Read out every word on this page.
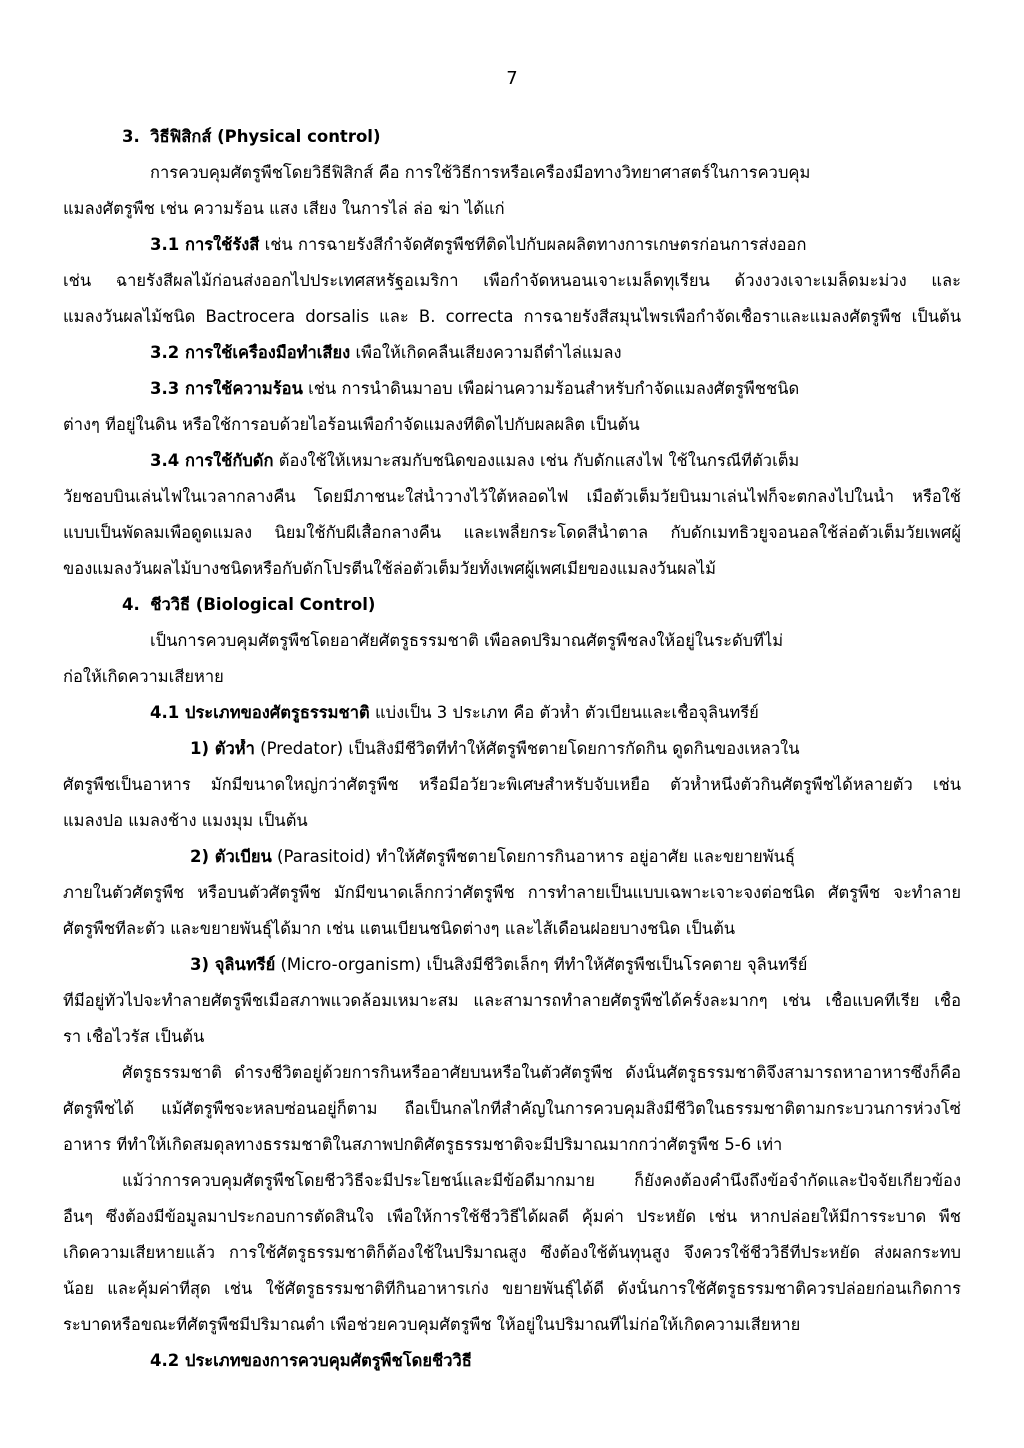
7
3. วิธีฟิสิกส์ (Physical control)
การควบคุมศัตรูพืชโดยวิธีฟิสิกส์ คือ การใช้วิธีการหรือเครื่องมือทางวิทยาศาสตร์ในการควบคุม
แมลงศัตรูพืช เช่น ความร้อน แสง เสียง ในการไล่ ล่อ ฆ่า ได้แก่
3.1 การใช้รังสี เช่น การฉายรังสีกำจัดศัตรูพืชที่ติดไปกับผลผลิตทางการเกษตรก่อนการส่งออก
เช่น ฉายรังสีผลไม้ก่อนส่งออกไปประเทศสหรัฐอเมริกา เพื่อกำจัดหนอนเจาะเมล็ดทุเรียน ด้วงงวงเจาะเมล็ดมะม่วง และ
แมลงวันผลไม้ชนิด Bactrocera dorsalis และ B. correcta การฉายรังสีสมุนไพรเพื่อกำจัดเชื้อราและแมลงศัตรูพืช เป็นต้น
3.2 การใช้เครื่องมือทำเสียง เพื่อให้เกิดคลื่นเสียงความถี่ต่ำไล่แมลง
3.3 การใช้ความร้อน เช่น การนำดินมาอบ เพื่อผ่านความร้อนสำหรับกำจัดแมลงศัตรูพืชชนิด
ต่างๆ ที่อยู่ในดิน หรือใช้การอบด้วยไอร้อนเพื่อกำจัดแมลงที่ติดไปกับผลผลิต เป็นต้น
3.4 การใช้กับดัก ต้องใช้ให้เหมาะสมกับชนิดของแมลง เช่น กับดักแสงไฟ ใช้ในกรณีที่ตัวเต็ม
วัยชอบบินเล่นไฟในเวลากลางคืน โดยมีภาชนะใส่น้ำวางไว้ใต้หลอดไฟ เมื่อตัวเต็มวัยบินมาเล่นไฟก็จะตกลงไปในน้ำ หรือใช้
แบบเป็นพัดลมเพื่อดูดแมลง นิยมใช้กับผีเสื้อกลางคืน และเพลี้ยกระโดดสีน้ำตาล กับดักเมทธิวยูจอนอลใช้ล่อตัวเต็มวัยเพศผู้
ของแมลงวันผลไม้บางชนิดหรือกับดักโปรตีนใช้ล่อตัวเต็มวัยทั้งเพศผู้เพศเมียของแมลงวันผลไม้
4. ชีววิธี (Biological Control)
เป็นการควบคุมศัตรูพืชโดยอาศัยศัตรูธรรมชาติ เพื่อลดปริมาณศัตรูพืชลงให้อยู่ในระดับที่ไม่
ก่อให้เกิดความเสียหาย
4.1 ประเภทของศัตรูธรรมชาติ แบ่งเป็น 3 ประเภท คือ ตัวห้ำ ตัวเบียนและเชื้อจุลินทรีย์
1) ตัวห้ำ (Predator) เป็นสิ่งมีชีวิตที่ทำให้ศัตรูพืชตายโดยการกัดกิน ดูดกินของเหลวใน
ศัตรูพืชเป็นอาหาร มักมีขนาดใหญ่กว่าศัตรูพืช หรือมีอวัยวะพิเศษสำหรับจับเหยื่อ ตัวห้ำหนึ่งตัวกินศัตรูพืชได้หลายตัว เช่น
แมลงปอ แมลงช้าง แมงมุม เป็นต้น
2) ตัวเบียน (Parasitoid) ทำให้ศัตรูพืชตายโดยการกินอาหาร อยู่อาศัย และขยายพันธุ์
ภายในตัวศัตรูพืช หรือบนตัวศัตรูพืช มักมีขนาดเล็กกว่าศัตรูพืช การทำลายเป็นแบบเฉพาะเจาะจงต่อชนิด ศัตรูพืช จะทำลาย
ศัตรูพืชทีละตัว และขยายพันธุ์ได้มาก เช่น แตนเบียนชนิดต่างๆ และไส้เดือนฝอยบางชนิด เป็นต้น
3) จุลินทรีย์ (Micro-organism) เป็นสิ่งมีชีวิตเล็กๆ ที่ทำให้ศัตรูพืชเป็นโรคตาย จุลินทรีย์
ที่มีอยู่ทั่วไปจะทำลายศัตรูพืชเมื่อสภาพแวดล้อมเหมาะสม และสามารถทำลายศัตรูพืชได้ครั้งละมากๆ เช่น เชื้อแบคทีเรีย เชื้อ
รา เชื้อไวรัส เป็นต้น
ศัตรูธรรมชาติ ดำรงชีวิตอยู่ด้วยการกินหรืออาศัยบนหรือในตัวศัตรูพืช ดังนั้นศัตรูธรรมชาติจึงสามารถหาอาหารซึ่งก็คือ
ศัตรูพืชได้ แม้ศัตรูพืชจะหลบซ่อนอยู่ก็ตาม ถือเป็นกลไกที่สำคัญในการควบคุมสิ่งมีชีวิตในธรรมชาติตามกระบวนการห่วงโซ่
อาหาร ที่ทำให้เกิดสมดุลทางธรรมชาติในสภาพปกติศัตรูธรรมชาติจะมีปริมาณมากกว่าศัตรูพืช 5-6 เท่า
แม้ว่าการควบคุมศัตรูพืชโดยชีววิธีจะมีประโยชน์และมีข้อดีมากมาย ก็ยังคงต้องคำนึงถึงข้อจำกัดและปัจจัยเกี่ยวข้อง
อื่นๆ ซึ่งต้องมีข้อมูลมาประกอบการตัดสินใจ เพื่อให้การใช้ชีววิธีได้ผลดี คุ้มค่า ประหยัด เช่น หากปล่อยให้มีการระบาด พืช
เกิดความเสียหายแล้ว การใช้ศัตรูธรรมชาติก็ต้องใช้ในปริมาณสูง ซึ่งต้องใช้ต้นทุนสูง จึงควรใช้ชีววิธีที่ประหยัด ส่งผลกระทบ
น้อย และคุ้มค่าที่สุด เช่น ใช้ศัตรูธรรมชาติที่กินอาหารเก่ง ขยายพันธุ์ได้ดี ดังนั้นการใช้ศัตรูธรรมชาติควรปล่อยก่อนเกิดการ
ระบาดหรือขณะที่ศัตรูพืชมีปริมาณต่ำ เพื่อช่วยควบคุมศัตรูพืช ให้อยู่ในปริมาณที่ไม่ก่อให้เกิดความเสียหาย
4.2 ประเภทของการควบคุมศัตรูพืชโดยชีววิธี
